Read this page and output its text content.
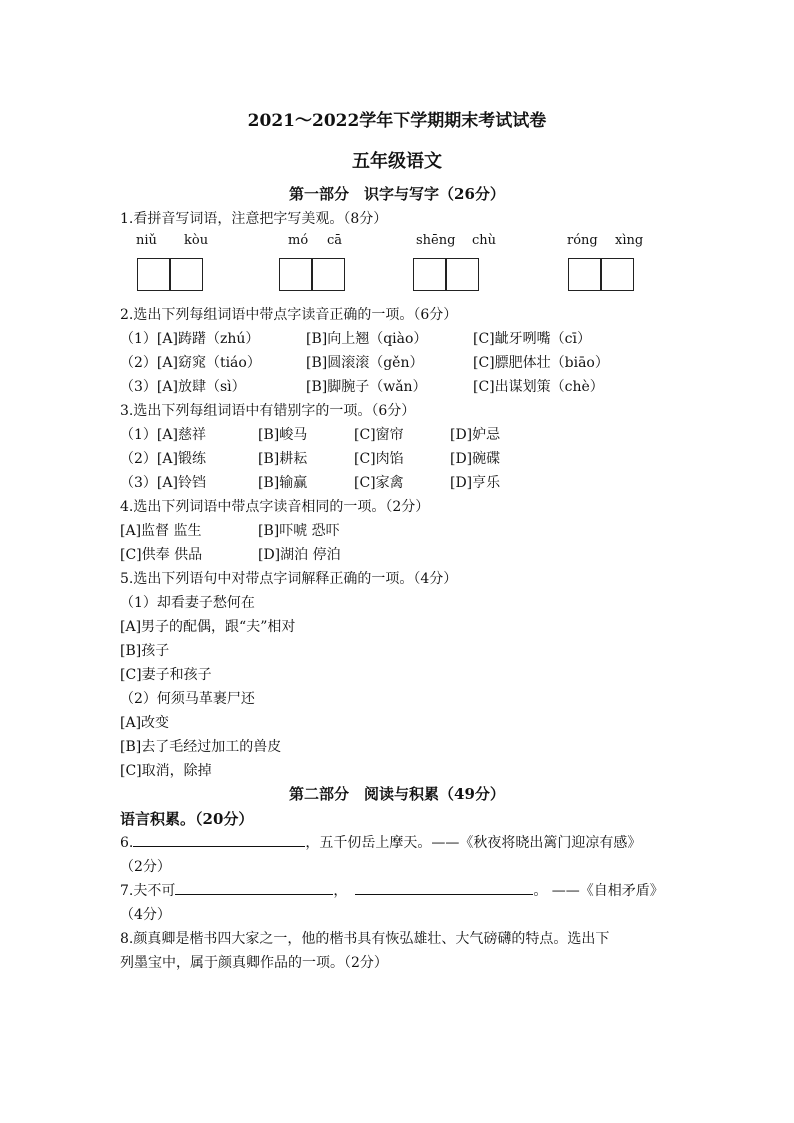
2021～2022学年下学期期末考试试卷
五年级语文
第一部分　识字与写字（26分）
1.看拼音写词语，注意把字写美观。（8分）
niǔ kòu	mó cā	shēng chù	róng xìng
2.选出下列每组词语中带点字读音正确的一项。（6分）
（1）[A]踌躇（zhú）	[B]向上翘（qiào）	[C]龇牙咧嘴（cī）
（2）[A]窈窕（tiáo）	[B]圆滚滚（gěn）	[C]膘肥体壮（biāo）
（3）[A]放肆（sì）	[B]脚腕子（wǎn）	[C]出谋划策（chè）
3.选出下列每组词语中有错别字的一项。（6分）
（1）[A]慈祥	[B]峻马	[C]窗帘	[D]妒忌
（2）[A]锻练	[B]耕耘	[C]肉馅	[D]碗碟
（3）[A]铃铛	[B]输赢	[C]家禽	[D]亨乐
4.选出下列词语中带点字读音相同的一项。（2分）
[A]监督 监生	[B]吓唬 恐吓
[C]供奉 供品	[D]湖泊 停泊
5.选出下列语句中对带点字词解释正确的一项。（4分）
（1）却看妻子愁何在
[A]男子的配偶，跟“夫”相对
[B]孩子
[C]妻子和孩子
（2）何须马革裹尸还
[A]改变
[B]去了毛经过加工的兽皮
[C]取消，除掉
第二部分　阅读与积累（49分）
语言积累。（20分）
6.	，五千仞岳上摩天。——《秋夜将晓出篱门迎凉有感》
（2分）
7.夫不可	，	。 ——《自相矛盾》
（4分）
8.颜真卿是楷书四大家之一，他的楷书具有恢弘雄壮、大气磅礴的特点。选出下
列墨宝中，属于颜真卿作品的一项。（2分）
